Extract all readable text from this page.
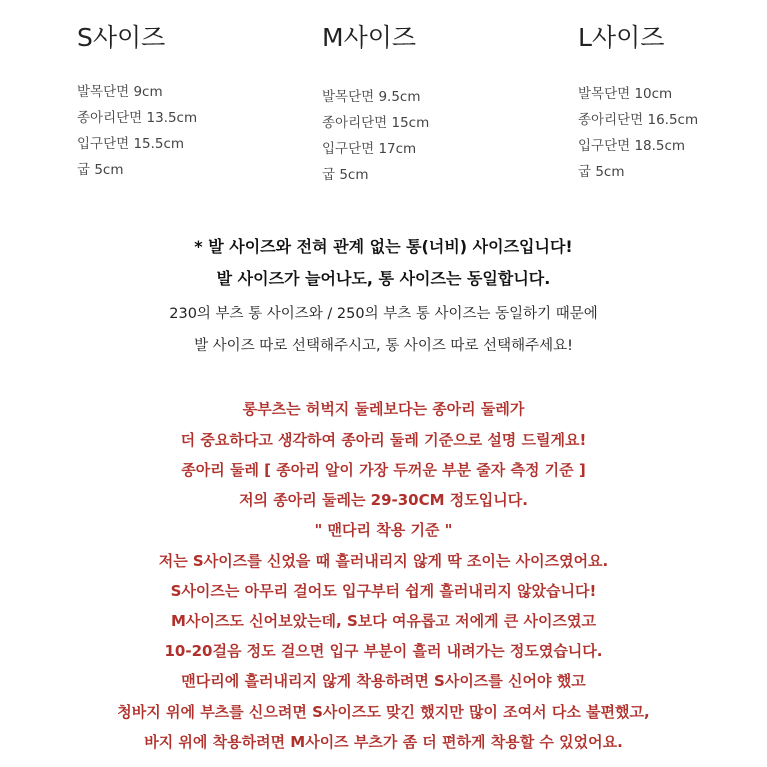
S사이즈
발목단면 9cm
종아리단면 13.5cm
입구단면 15.5cm
굽 5cm
M사이즈
발목단면 9.5cm
종아리단면 15cm
입구단면 17cm
굽 5cm
L사이즈
발목단면 10cm
종아리단면 16.5cm
입구단면 18.5cm
굽 5cm
* 발 사이즈와 전혀 관계 없는 통(너비) 사이즈입니다!
발 사이즈가 늘어나도, 통 사이즈는 동일합니다.
230의 부츠 통 사이즈와 / 250의 부츠 통 사이즈는 동일하기 때문에
발 사이즈 따로 선택해주시고, 통 사이즈 따로 선택해주세요!
롱부츠는 허벅지 둘레보다는 종아리 둘레가
더 중요하다고 생각하여 종아리 둘레 기준으로 설명 드릴게요!
종아리 둘레 [ 종아리 알이 가장 두꺼운 부분 줄자 측정 기준 ]
저의 종아리 둘레는 29-30CM 정도입니다.
" 맨다리 착용 기준 "
저는 S사이즈를 신었을 때 흘러내리지 않게 딱 조이는 사이즈였어요.
S사이즈는 아무리 걸어도 입구부터 쉽게 흘러내리지 않았습니다!
M사이즈도 신어보았는데, S보다 여유롭고 저에게 큰 사이즈였고
10-20걸음 정도 걸으면 입구 부분이 흘러 내려가는 정도였습니다.
맨다리에 흘러내리지 않게 착용하려면 S사이즈를 신어야 했고
청바지 위에 부츠를 신으려면 S사이즈도 맞긴 했지만 많이 조여서 다소 불편했고,
바지 위에 착용하려면 M사이즈 부츠가 좀 더 편하게 착용할 수 있었어요.
